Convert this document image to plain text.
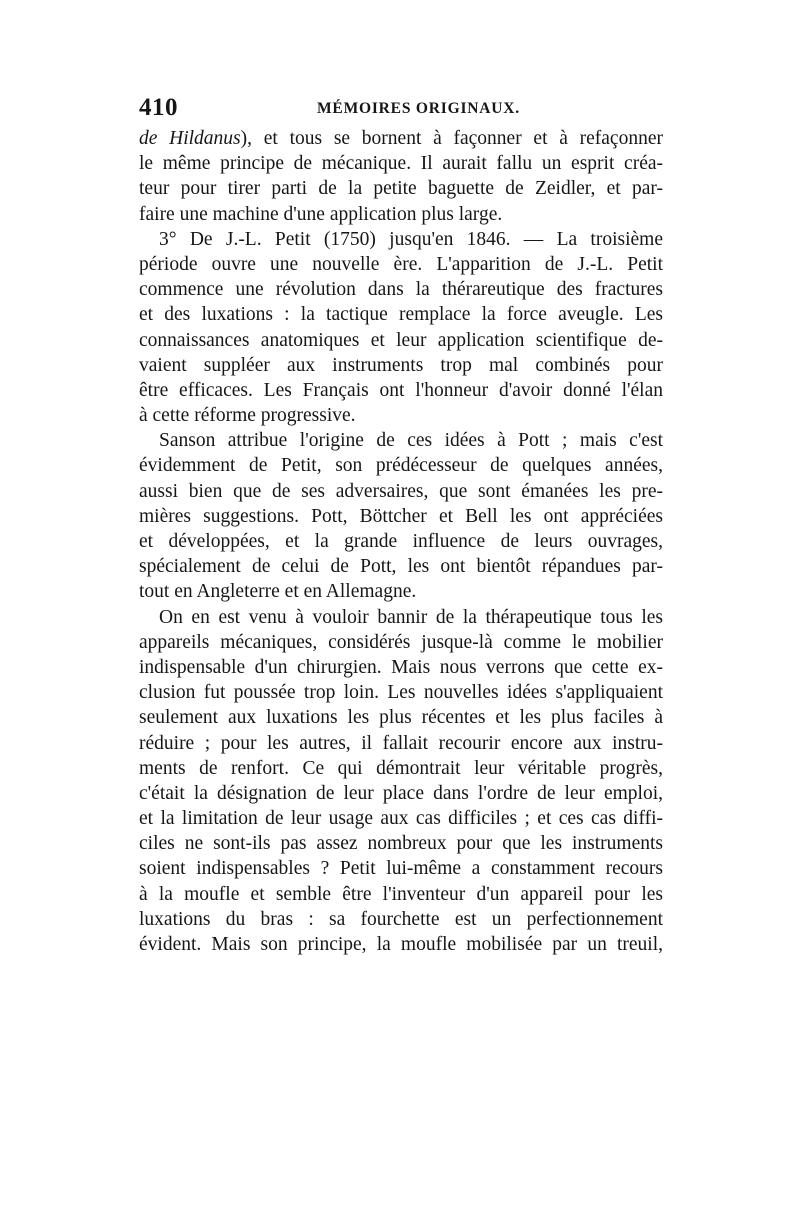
410	MÉMOIRES ORIGINAUX.
de Hildanus), et tous se bornent à façonner et à refaçonner
le même principe de mécanique. Il aurait fallu un esprit créa-
teur pour tirer parti de la petite baguette de Zeidler, et par-
faire une machine d'une application plus large.
3° De J.-L. Petit (1750) jusqu'en 1846. — La troisième
période ouvre une nouvelle ère. L'apparition de J.-L. Petit
commence une révolution dans la thérareutique des fractures
et des luxations : la tactique remplace la force aveugle. Les
connaissances anatomiques et leur application scientifique de-
vaient suppléer aux instruments trop mal combinés pour
être efficaces. Les Français ont l'honneur d'avoir donné l'élan
à cette réforme progressive.
Sanson attribue l'origine de ces idées à Pott ; mais c'est
évidemment de Petit, son prédécesseur de quelques années,
aussi bien que de ses adversaires, que sont émanées les pre-
mières suggestions. Pott, Böttcher et Bell les ont appréciées
et développées, et la grande influence de leurs ouvrages,
spécialement de celui de Pott, les ont bientôt répandues par-
tout en Angleterre et en Allemagne.
On en est venu à vouloir bannir de la thérapeutique tous les
appareils mécaniques, considérés jusque-là comme le mobilier
indispensable d'un chirurgien. Mais nous verrons que cette ex-
clusion fut poussée trop loin. Les nouvelles idées s'appliquaient
seulement aux luxations les plus récentes et les plus faciles à
réduire ; pour les autres, il fallait recourir encore aux instru-
ments de renfort. Ce qui démontrait leur véritable progrès,
c'était la désignation de leur place dans l'ordre de leur emploi,
et la limitation de leur usage aux cas difficiles ; et ces cas diffi-
ciles ne sont-ils pas assez nombreux pour que les instruments
soient indispensables ? Petit lui-même a constamment recours
à la moufle et semble être l'inventeur d'un appareil pour les
luxations du bras : sa fourchette est un perfectionnement
évident. Mais son principe, la moufle mobilisée par un treuil,
